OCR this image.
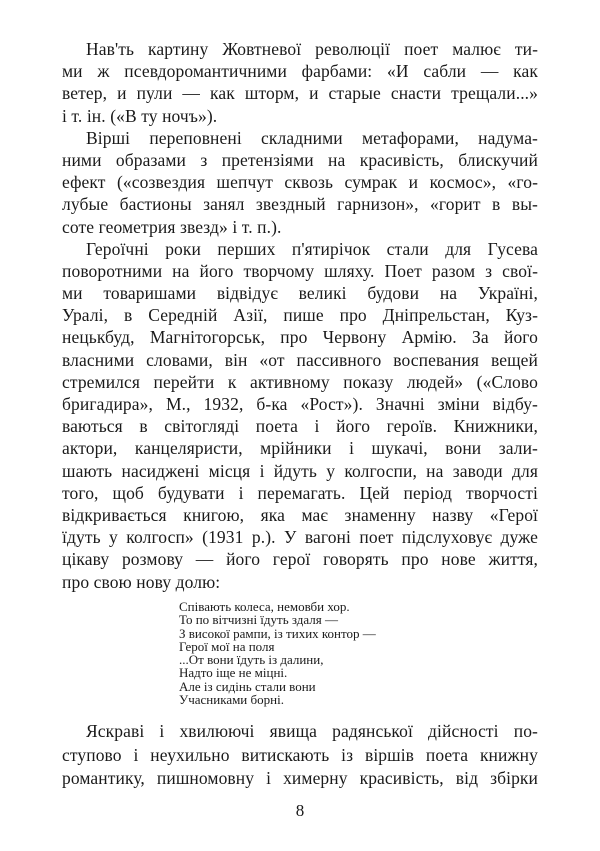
Нав'ть картину Жовтневої революції поет малює ти-
ми ж псевдоромантичними фарбами: «И сабли — как
ветер, и пули — как шторм, и старые снасти трещали...»
і т. ін. («В ту ночъ»).
Вірші переповнені складними метафорами, надума-
ними образами з претензіями на красивість, блискучий
ефект («созвездия шепчут сквозь сумрак и космос», «го-
лубые бастионы занял звездный гарнизон», «горит в вы-
соте геометрия звезд» і т. п.).
Героїчні роки перших п'ятирічок стали для Гусева
поворотними на його творчому шляху. Поет разом з свої-
ми товаришами відвідує великі будови на Україні,
Уралі, в Середній Азії, пише про Дніпрельстан, Куз-
нецькбуд, Магнітогорськ, про Червону Армію. За його
власними словами, він «от пассивного воспевания вещей
стремился перейти к активному показу людей» («Слово
бригадира», М., 1932, б-ка «Рост»). Значні зміни відбу-
ваються в світогляді поета і його героїв. Книжники,
актори, канцеляристи, мрійники і шукачі, вони зали-
шають насиджені місця і йдуть у колгоспи, на заводи для
того, щоб будувати і перемагать. Цей період творчості
відкривається книгою, яка має знаменну назву «Герої
їдуть у колгосп» (1931 р.). У вагоні поет підслуховує дуже
цікаву розмову — його герої говорять про нове життя,
про свою нову долю:
Співають колеса, немовби хор.
То по вітчизні їдуть здаля —
З високої рампи, із тихих контор —
Герої мої на поля
...От вони їдуть із далини,
Надто іще не міцні.
Але із сидінь стали вони
Учасниками борні.
Яскраві і хвилюючі явища радянської дійсності по-
ступово і неухильно витискають із віршів поета книжну
романтику, пишномовну і химерну красивість, від збірки
8
